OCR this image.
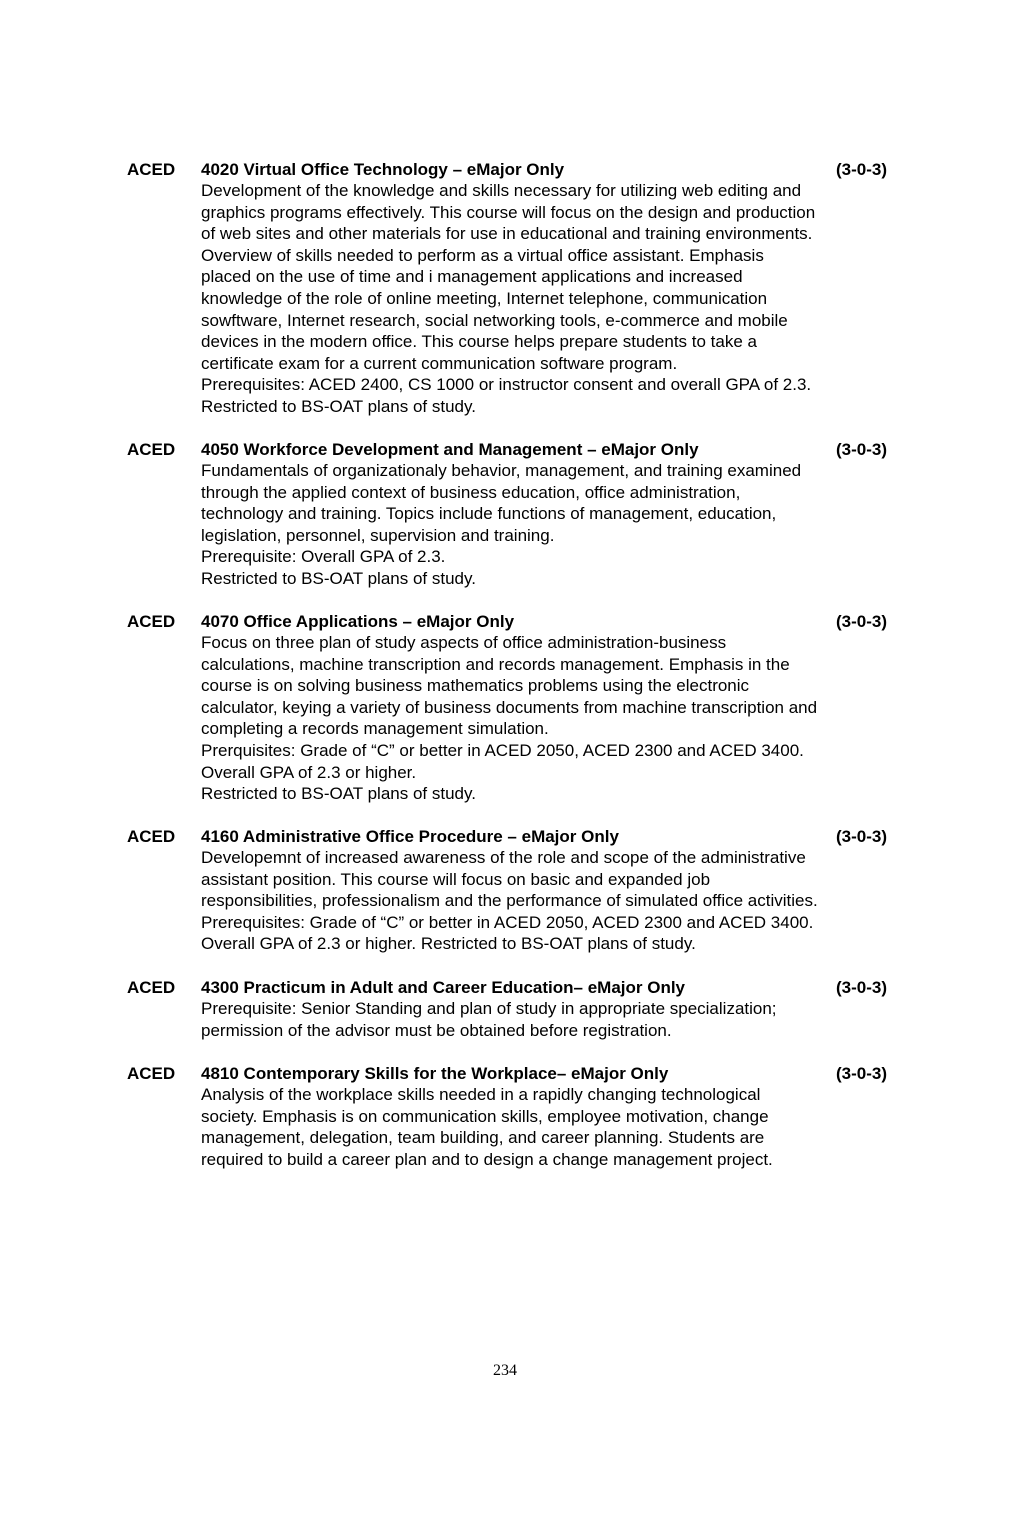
ACED 4020 Virtual Office Technology – eMajor Only	(3-0-3)
Development of the knowledge and skills necessary for utilizing web editing and
graphics programs effectively. This course will focus on the design and production
of web sites and other materials for use in educational and training environments.
Overview of skills needed to perform as a virtual office assistant. Emphasis
placed on the use of time and i management applications and increased
knowledge of the role of online meeting, Internet telephone, communication
sowftware, Internet research, social networking tools, e-commerce and mobile
devices in the modern office. This course helps prepare students to take a
certificate exam for a current communication software program.
Prerequisites: ACED 2400, CS 1000 or instructor consent and overall GPA of 2.3.
Restricted to BS-OAT plans of study.
ACED 4050 Workforce Development and Management – eMajor Only	(3-0-3)
Fundamentals of organizationaly behavior, management, and training examined
through the applied context of business education, office administration,
technology and training. Topics include functions of management, education,
legislation, personnel, supervision and training.
Prerequisite: Overall GPA of 2.3.
Restricted to BS-OAT plans of study.
ACED 4070 Office Applications – eMajor Only	(3-0-3)
Focus on three plan of study aspects of office administration-business
calculations, machine transcription and records management. Emphasis in the
course is on solving business mathematics problems using the electronic
calculator, keying a variety of business documents from machine transcription and
completing a records management simulation.
Prerquisites: Grade of “C” or better in ACED 2050, ACED 2300 and ACED 3400.
Overall GPA of 2.3 or higher.
Restricted to BS-OAT plans of study.
ACED 4160 Administrative Office Procedure – eMajor Only	(3-0-3)
Developemnt of increased awareness of the role and scope of the administrative
assistant position. This course will focus on basic and expanded job
responsibilities, professionalism and the performance of simulated office activities.
Prerequisites: Grade of “C” or better in ACED 2050, ACED 2300 and ACED 3400.
Overall GPA of 2.3 or higher. Restricted to BS-OAT plans of study.
ACED 4300 Practicum in Adult and Career Education– eMajor Only	(3-0-3)
Prerequisite: Senior Standing and plan of study in appropriate specialization;
permission of the advisor must be obtained before registration.
ACED 4810 Contemporary Skills for the Workplace– eMajor Only	(3-0-3)
Analysis of the workplace skills needed in a rapidly changing technological
society. Emphasis is on communication skills, employee motivation, change
management, delegation, team building, and career planning. Students are
required to build a career plan and to design a change management project.
234
